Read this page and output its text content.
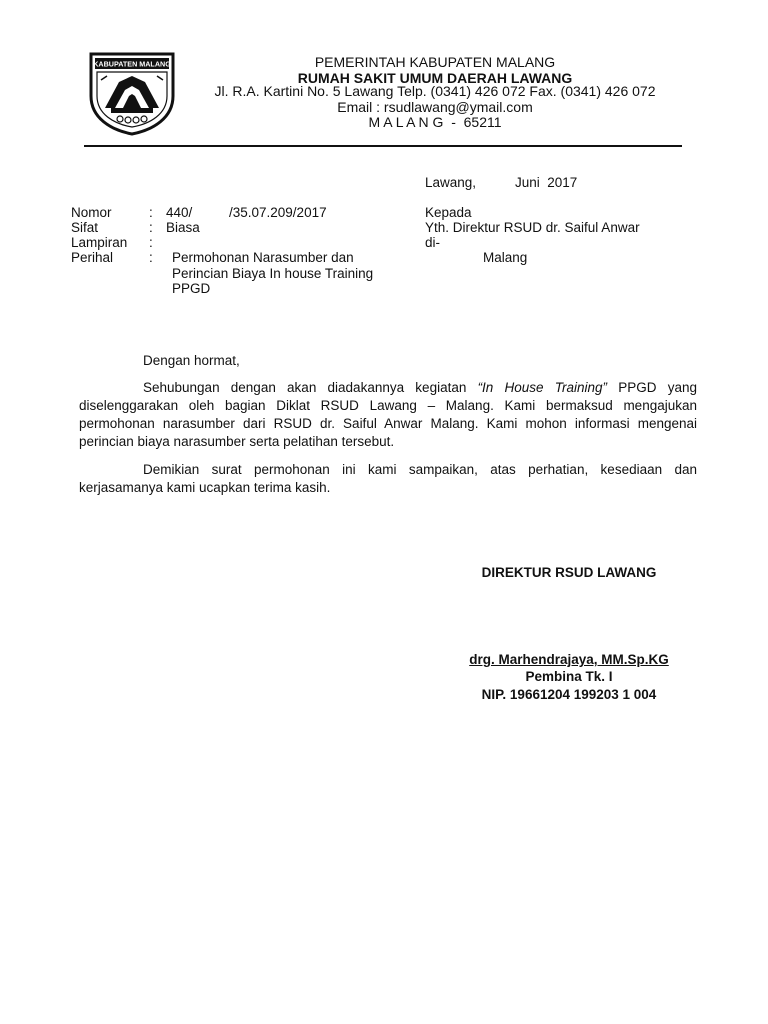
KABUPATEN MALANG	PEMERINTAH KABUPATEN MALANG
RUMAH SAKIT UMUM DAERAH LAWANG
Jl. R.A. Kartini No. 5 Lawang Telp. (0341) 426 072 Fax. (0341) 426 072
Email : rsudlawang@ymail.com
M A L A N G  -  65211
Lawang,	Juni  2017
Nomor	: 440/	/35.07.209/2017
Sifat	: Biasa
Lampiran :
Perihal	: Permohonan Narasumber dan
Perincian Biaya In house Training
PPGD
Kepada
Yth. Direktur RSUD dr. Saiful Anwar
di-
Malang
Dengan hormat,
Sehubungan dengan akan diadakannya kegiatan “In House Training” PPGD yang diselenggarakan oleh bagian Diklat RSUD Lawang – Malang. Kami bermaksud mengajukan permohonan narasumber dari RSUD dr. Saiful Anwar Malang. Kami mohon informasi mengenai perincian biaya narasumber serta pelatihan tersebut.
Demikian surat permohonan ini kami sampaikan, atas perhatian, kesediaan dan kerjasamanya kami ucapkan terima kasih.
DIREKTUR RSUD LAWANG
drg. Marhendrajaya, MM.Sp.KG
Pembina Tk. I
NIP. 19661204 199203 1 004
